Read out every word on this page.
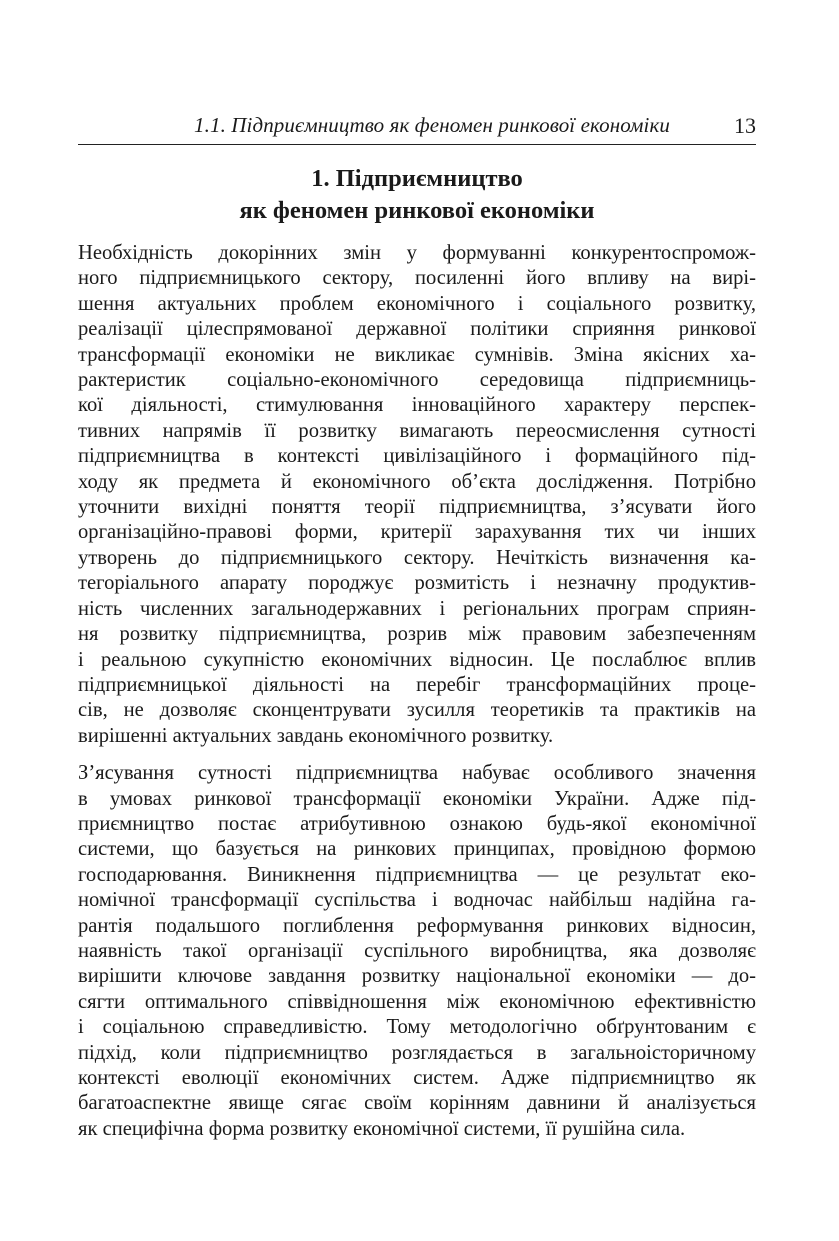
1.1. Підприємництво як феномен ринкової економіки	13
1. Підприємництво
як феномен ринкової економіки

Необхідність докорінних змін у формуванні конкурентоспромож-
ного підприємницького сектору, посиленні його впливу на вирі-
шення актуальних проблем економічного і соціального розвитку,
реалізації цілеспрямованої державної політики сприяння ринкової
трансформації економіки не викликає сумнівів. Зміна якісних ха-
рактеристик соціально-економічного середовища підприємниць-
кої діяльності, стимулювання інноваційного характеру перспек-
тивних напрямів її розвитку вимагають переосмислення сутності
підприємництва в контексті цивілізаційного і формаційного під-
ходу як предмета й економічного об’єкта дослідження. Потрібно
уточнити вихідні поняття теорії підприємництва, з’ясувати його
організаційно-правові форми, критерії зарахування тих чи інших
утворень до підприємницького сектору. Нечіткість визначення ка-
тегоріального апарату породжує розмитість і незначну продуктив-
ність численних загальнодержавних і регіональних програм сприян-
ня розвитку підприємництва, розрив між правовим забезпеченням
і реальною сукупністю економічних відносин. Це послаблює вплив
підприємницької діяльності на перебіг трансформаційних проце-
сів, не дозволяє сконцентрувати зусилля теоретиків та практиків на
вирішенні актуальних завдань економічного розвитку.

З’ясування сутності підприємництва набуває особливого значення
в умовах ринкової трансформації економіки України. Адже під-
приємництво постає атрибутивною ознакою будь-якої економічної
системи, що базується на ринкових принципах, провідною формою
господарювання. Виникнення підприємництва — це результат еко-
номічної трансформації суспільства і водночас найбільш надійна га-
рантія подальшого поглиблення реформування ринкових відносин,
наявність такої організації суспільного виробництва, яка дозволяє
вирішити ключове завдання розвитку національної економіки — до-
сягти оптимального співвідношення між економічною ефективністю
і соціальною справедливістю. Тому методологічно обґрунтованим є
підхід, коли підприємництво розглядається в загальноісторичному
контексті еволюції економічних систем. Адже підприємництво як
багатоаспектне явище сягає своїм корінням давнини й аналізується
як специфічна форма розвитку економічної системи, її рушійна сила.
